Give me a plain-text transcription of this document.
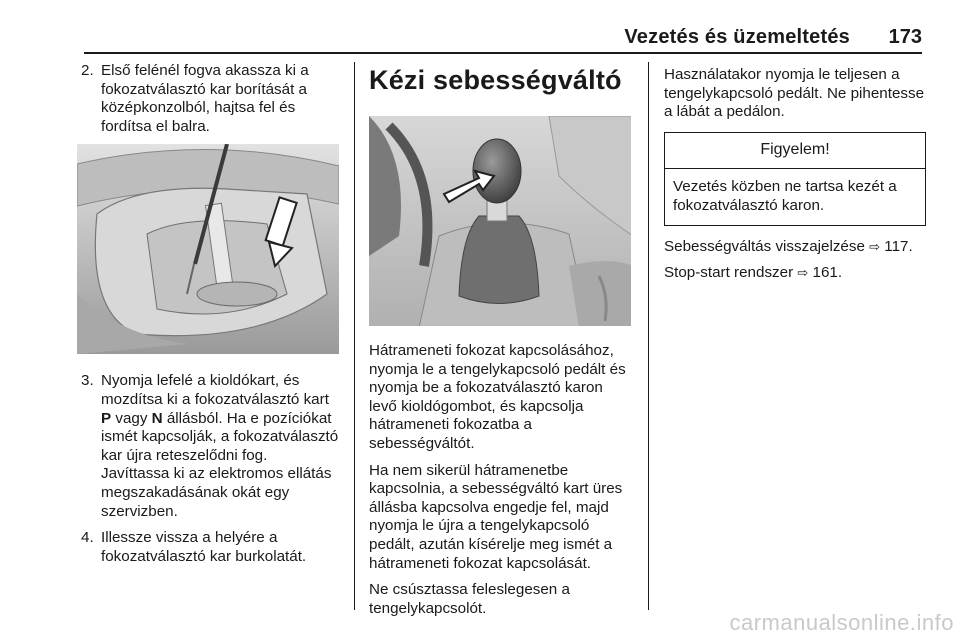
Vezetés és üzemeltetés 173

2. Első felénél fogva akassza ki a fokozatválasztó kar borítását a középkonzolból, hajtsa fel és fordítsa el balra.

3. Nyomja lefelé a kioldókart, és mozdítsa ki a fokozatválasztó kart P vagy N állásból. Ha e pozíciókat ismét kapcsolják, a fokozatválasztó kar újra reteszelődni fog. Javíttassa ki az elektromos ellátás megszakadásának okát egy szervizben.

4. Illessze vissza a helyére a fokozatválasztó kar burkolatát.

Kézi sebességváltó

Hátrameneti fokozat kapcsolásához, nyomja le a tengelykapcsoló pedált és nyomja be a fokozatválasztó karon levő kioldógombot, és kapcsolja hátrameneti fokozatba a sebességváltót.

Ha nem sikerül hátramenetbe kapcsolnia, a sebességváltó kart üres állásba kapcsolva engedje fel, majd nyomja le újra a tengelykapcsoló pedált, azután kísérelje meg ismét a hátrameneti fokozat kapcsolását.

Ne csúsztassa feleslegesen a tengelykapcsolót.

Használatakor nyomja le teljesen a tengelykapcsoló pedált. Ne pihentesse a lábát a pedálon.

Figyelem!
Vezetés közben ne tartsa kezét a fokozatválasztó karon.

Sebességváltás visszajelzése ⇨ 117.

Stop-start rendszer ⇨ 161.

carmanualsonline.info
